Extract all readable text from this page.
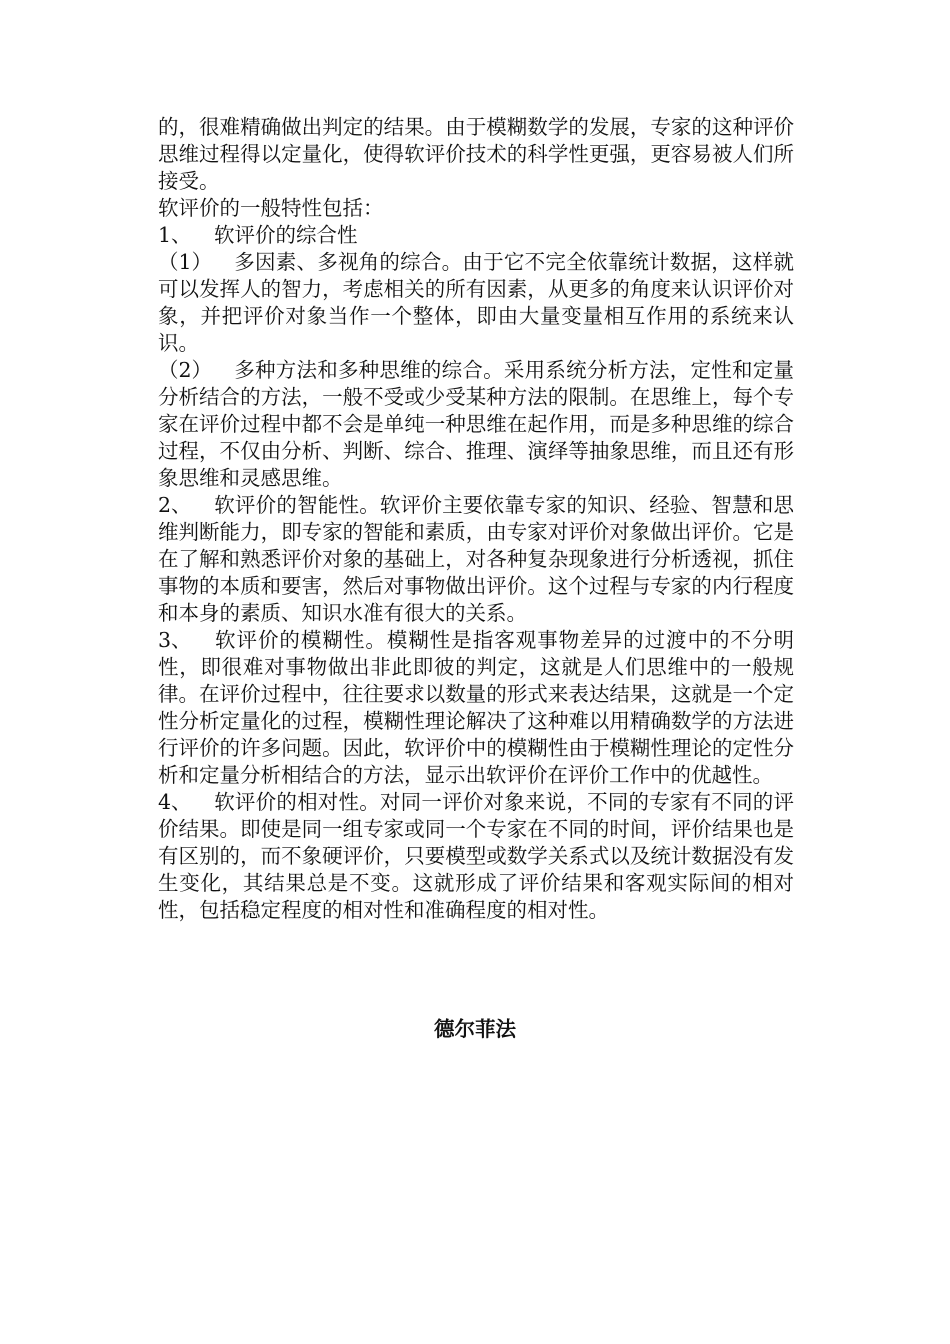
的，很难精确做出判定的结果。由于模糊数学的发展，专家的这种评价思维过程得以定量化，使得软评价技术的科学性更强，更容易被人们所接受。

软评价的一般特性包括：

1、 软评价的综合性

（1） 多因素、多视角的综合。由于它不完全依靠统计数据，这样就可以发挥人的智力，考虑相关的所有因素，从更多的角度来认识评价对象，并把评价对象当作一个整体，即由大量变量相互作用的系统来认识。

（2） 多种方法和多种思维的综合。采用系统分析方法，定性和定量分析结合的方法，一般不受或少受某种方法的限制。在思维上，每个专家在评价过程中都不会是单纯一种思维在起作用，而是多种思维的综合过程，不仅由分析、判断、综合、推理、演绎等抽象思维，而且还有形象思维和灵感思维。

2、 软评价的智能性。软评价主要依靠专家的知识、经验、智慧和思维判断能力，即专家的智能和素质，由专家对评价对象做出评价。它是在了解和熟悉评价对象的基础上，对各种复杂现象进行分析透视，抓住事物的本质和要害，然后对事物做出评价。这个过程与专家的内行程度和本身的素质、知识水准有很大的关系。

3、 软评价的模糊性。模糊性是指客观事物差异的过渡中的不分明性，即很难对事物做出非此即彼的判定，这就是人们思维中的一般规律。在评价过程中，往往要求以数量的形式来表达结果，这就是一个定性分析定量化的过程，模糊性理论解决了这种难以用精确数学的方法进行评价的许多问题。因此，软评价中的模糊性由于模糊性理论的定性分析和定量分析相结合的方法，显示出软评价在评价工作中的优越性。

4、 软评价的相对性。对同一评价对象来说，不同的专家有不同的评价结果。即使是同一组专家或同一个专家在不同的时间，评价结果也是有区别的，而不象硬评价，只要模型或数学关系式以及统计数据没有发生变化，其结果总是不变。这就形成了评价结果和客观实际间的相对性，包括稳定程度的相对性和准确程度的相对性。

德尔菲法
